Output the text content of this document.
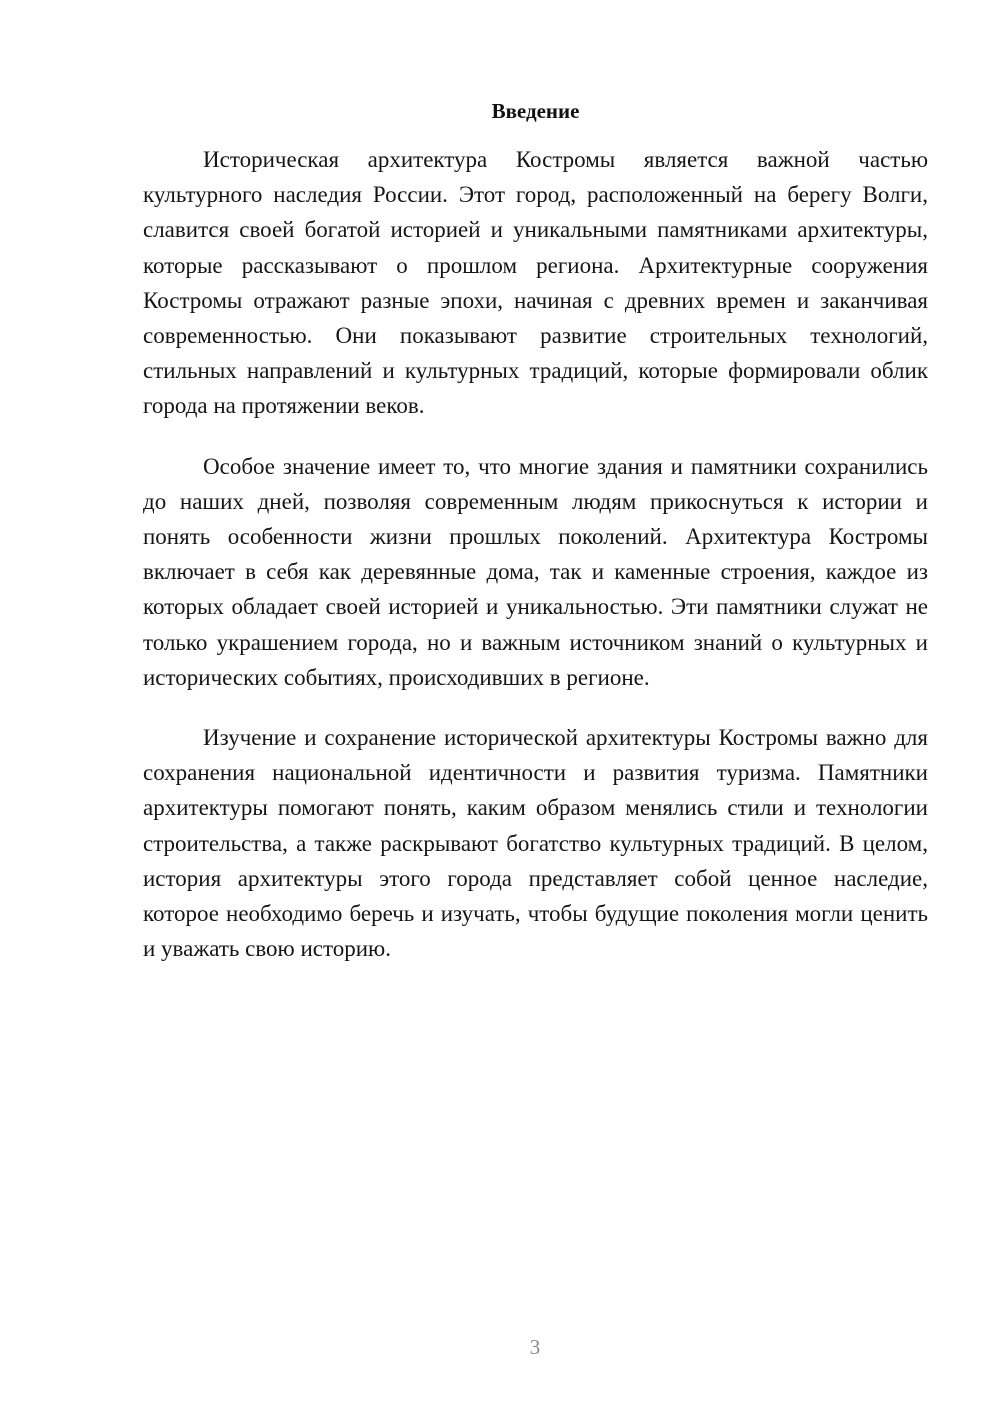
Введение

Историческая архитектура Костромы является важной частью культурного наследия России. Этот город, расположенный на берегу Волги, славится своей богатой историей и уникальными памятниками архитектуры, которые рассказывают о прошлом региона. Архитектурные сооружения Костромы отражают разные эпохи, начиная с древних времен и заканчивая современностью. Они показывают развитие строительных технологий, стильных направлений и культурных традиций, которые формировали облик города на протяжении веков.

Особое значение имеет то, что многие здания и памятники сохранились до наших дней, позволяя современным людям прикоснуться к истории и понять особенности жизни прошлых поколений. Архитектура Костромы включает в себя как деревянные дома, так и каменные строения, каждое из которых обладает своей историей и уникальностью. Эти памятники служат не только украшением города, но и важным источником знаний о культурных и исторических событиях, происходивших в регионе.

Изучение и сохранение исторической архитектуры Костромы важно для сохранения национальной идентичности и развития туризма. Памятники архитектуры помогают понять, каким образом менялись стили и технологии строительства, а также раскрывают богатство культурных традиций. В целом, история архитектуры этого города представляет собой ценное наследие, которое необходимо беречь и изучать, чтобы будущие поколения могли ценить и уважать свою историю.

3
